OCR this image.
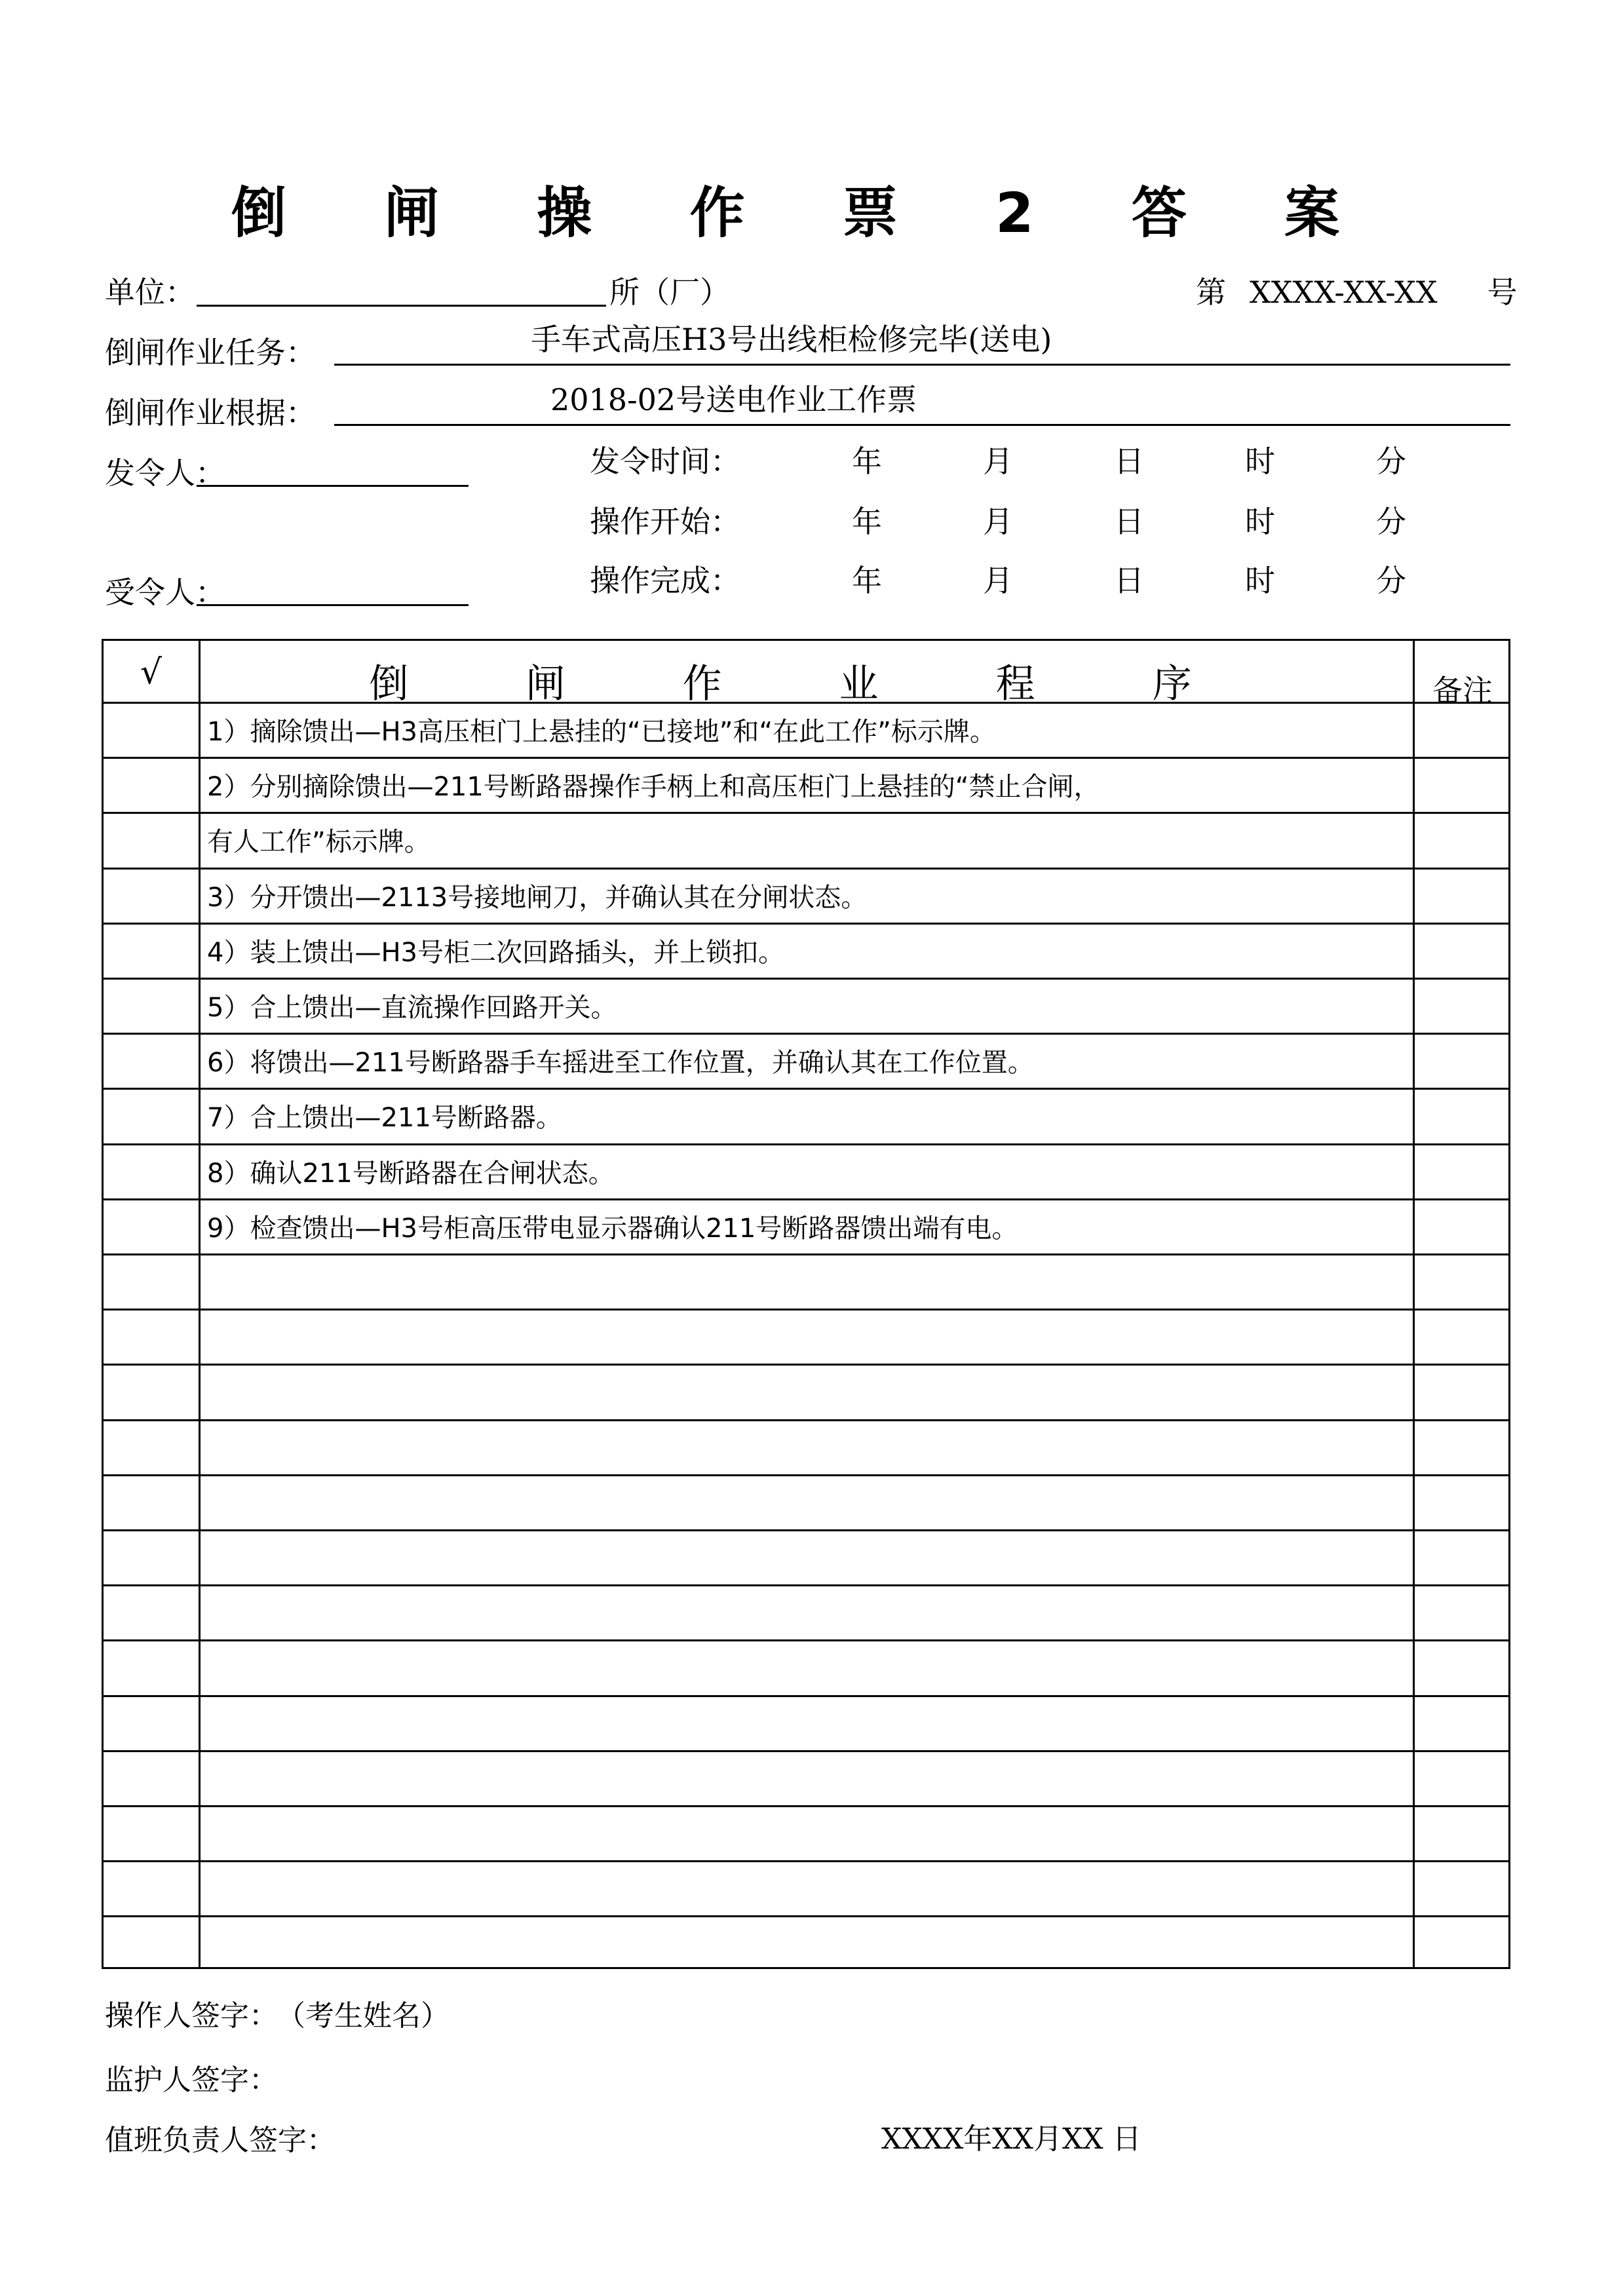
倒 闸 操 作 票 2 答 案
单位：	所（厂）	第 XXXX-XX-XX 号
倒闸作业任务：	手车式高压H3号出线柜检修完毕(送电)
倒闸作业根据：	2018-02号送电作业工作票
发令人：
受令人：
发令时间：	年	月	日	时	分
操作开始：	年	月	日	时	分
操作完成：	年	月	日	时	分
√	倒 闸 作 业 程 序	备注
1）摘除馈出—H3高压柜门上悬挂的“已接地”和“在此工作”标示牌。
2）分别摘除馈出—211号断路器操作手柄上和高压柜门上悬挂的“禁止合闸，
有人工作”标示牌。
3）分开馈出—2113号接地闸刀，并确认其在分闸状态。
4）装上馈出—H3号柜二次回路插头，并上锁扣。
5）合上馈出—直流操作回路开关。
6）将馈出—211号断路器手车摇进至工作位置，并确认其在工作位置。
7）合上馈出—211号断路器。
8）确认211号断路器在合闸状态。
9）检查馈出—H3号柜高压带电显示器确认211号断路器馈出端有电。
操作人签字： （考生姓名）
监护人签字：
值班负责人签字：	XXXX年XX月XX 日
